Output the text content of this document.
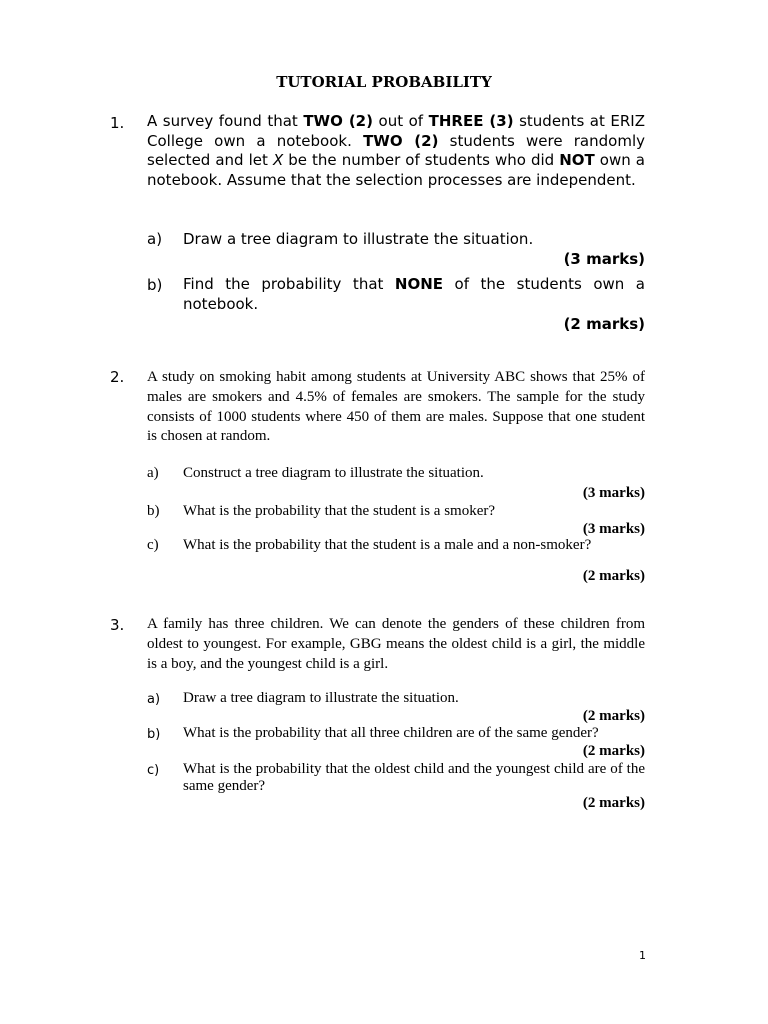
TUTORIAL PROBABILITY
1. A survey found that TWO (2) out of THREE (3) students at ERIZ College own a notebook. TWO (2) students were randomly selected and let X be the number of students who did NOT own a notebook. Assume that the selection processes are independent.
a) Draw a tree diagram to illustrate the situation.
(3 marks)
b) Find the probability that NONE of the students own a notebook.
(2 marks)
2. A study on smoking habit among students at University ABC shows that 25% of males are smokers and 4.5% of females are smokers. The sample for the study consists of 1000 students where 450 of them are males. Suppose that one student is chosen at random.
a) Construct a tree diagram to illustrate the situation.
(3 marks)
b) What is the probability that the student is a smoker?
(3 marks)
c) What is the probability that the student is a male and a non-smoker?
(2 marks)
3. A family has three children. We can denote the genders of these children from oldest to youngest. For example, GBG means the oldest child is a girl, the middle is a boy, and the youngest child is a girl.
a) Draw a tree diagram to illustrate the situation.
(2 marks)
b) What is the probability that all three children are of the same gender?
(2 marks)
c) What is the probability that the oldest child and the youngest child are of the same gender?
(2 marks)
1
